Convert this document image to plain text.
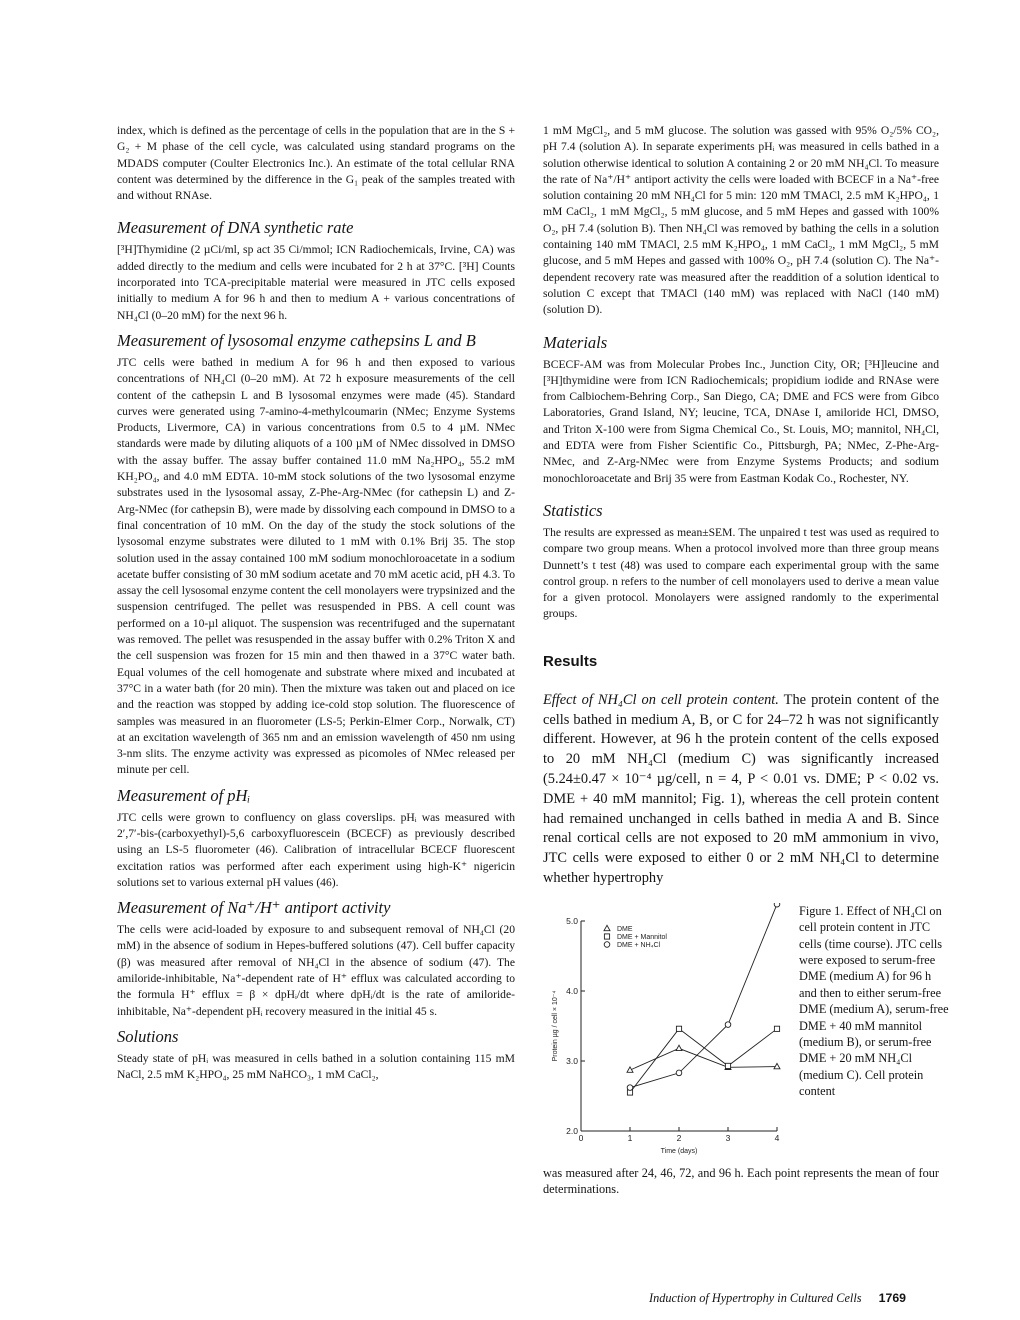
index, which is defined as the percentage of cells in the population that are in the S + G₂ + M phase of the cell cycle, was calculated using standard programs on the MDADS computer (Coulter Electronics Inc.). An estimate of the total cellular RNA content was determined by the difference in the G₁ peak of the samples treated with and without RNAse.

Measurement of DNA synthetic rate

[³H]Thymidine (2 µCi/ml, sp act 35 Ci/mmol; ICN Radiochemicals, Irvine, CA) was added directly to the medium and cells were incubated for 2 h at 37°C. [³H] Counts incorporated into TCA-precipitable material were measured in JTC cells exposed initially to medium A for 96 h and then to medium A + various concentrations of NH₄Cl (0–20 mM) for the next 96 h.

Measurement of lysosomal enzyme cathepsins L and B

JTC cells were bathed in medium A for 96 h and then exposed to various concentrations of NH₄Cl (0–20 mM). At 72 h exposure measurements of the cell content of the cathepsin L and B lysosomal enzymes were made (45). Standard curves were generated using 7-amino-4-methylcoumarin (NMec; Enzyme Systems Products, Livermore, CA) in various concentrations from 0.5 to 4 µM. NMec standards were made by diluting aliquots of a 100 µM of NMec dissolved in DMSO with the assay buffer. The assay buffer contained 11.0 mM Na₂HPO₄, 55.2 mM KH₂PO₄, and 4.0 mM EDTA. 10-mM stock solutions of the two lysosomal enzyme substrates used in the lysosomal assay, Z-Phe-Arg-NMec (for cathepsin L) and Z-Arg-NMec (for cathepsin B), were made by dissolving each compound in DMSO to a final concentration of 10 mM. On the day of the study the stock solutions of the lysosomal enzyme substrates were diluted to 1 mM with 0.1% Brij 35. The stop solution used in the assay contained 100 mM sodium monochloroacetate in a sodium acetate buffer consisting of 30 mM sodium acetate and 70 mM acetic acid, pH 4.3. To assay the cell lysosomal enzyme content the cell monolayers were trypsinized and the suspension centrifuged. The pellet was resuspended in PBS. A cell count was performed on a 10-µl aliquot. The suspension was recentrifuged and the supernatant was removed. The pellet was resuspended in the assay buffer with 0.2% Triton X and the cell suspension was frozen for 15 min and then thawed in a 37°C water bath. Equal volumes of the cell homogenate and substrate where mixed and incubated at 37°C in a water bath (for 20 min). Then the mixture was taken out and placed on ice and the reaction was stopped by adding ice-cold stop solution. The fluorescence of samples was measured in an fluorometer (LS-5; Perkin-Elmer Corp., Norwalk, CT) at an excitation wavelength of 365 nm and an emission wavelength of 450 nm using 3-nm slits. The enzyme activity was expressed as picomoles of NMec released per minute per cell.

Measurement of pHᵢ

JTC cells were grown to confluency on glass coverslips. pHᵢ was measured with 2′,7′-bis-(carboxyethyl)-5,6 carboxyfluorescein (BCECF) as previously described using an LS-5 fluorometer (46). Calibration of intracellular BCECF fluorescent excitation ratios was performed after each experiment using high-K⁺ nigericin solutions set to various external pH values (46).

Measurement of Na⁺/H⁺ antiport activity

The cells were acid-loaded by exposure to and subsequent removal of NH₄Cl (20 mM) in the absence of sodium in Hepes-buffered solutions (47). Cell buffer capacity (β) was measured after removal of NH₄Cl in the absence of sodium (47). The amiloride-inhibitable, Na⁺-dependent rate of H⁺ efflux was calculated according to the formula H⁺ efflux = β × dpHᵢ/dt where dpHᵢ/dt is the rate of amiloride-inhibitable, Na⁺-dependent pHᵢ recovery measured in the initial 45 s.

Solutions

Steady state of pHᵢ was measured in cells bathed in a solution containing 115 mM NaCl, 2.5 mM K₂HPO₄, 25 mM NaHCO₃, 1 mM CaCl₂,

1 mM MgCl₂, and 5 mM glucose. The solution was gassed with 95% O₂/5% CO₂, pH 7.4 (solution A). In separate experiments pHᵢ was measured in cells bathed in a solution otherwise identical to solution A containing 2 or 20 mM NH₄Cl. To measure the rate of Na⁺/H⁺ antiport activity the cells were loaded with BCECF in a Na⁺-free solution containing 20 mM NH₄Cl for 5 min: 120 mM TMACl, 2.5 mM K₂HPO₄, 1 mM CaCl₂, 1 mM MgCl₂, 5 mM glucose, and 5 mM Hepes and gassed with 100% O₂, pH 7.4 (solution B). Then NH₄Cl was removed by bathing the cells in a solution containing 140 mM TMACl, 2.5 mM K₂HPO₄, 1 mM CaCl₂, 1 mM MgCl₂, 5 mM glucose, and 5 mM Hepes and gassed with 100% O₂, pH 7.4 (solution C). The Na⁺-dependent recovery rate was measured after the readdition of a solution identical to solution C except that TMACl (140 mM) was replaced with NaCl (140 mM) (solution D).

Materials

BCECF-AM was from Molecular Probes Inc., Junction City, OR; [³H]leucine and [³H]thymidine were from ICN Radiochemicals; propidium iodide and RNAse were from Calbiochem-Behring Corp., San Diego, CA; DME and FCS were from Gibco Laboratories, Grand Island, NY; leucine, TCA, DNAse I, amiloride HCl, DMSO, and Triton X-100 were from Sigma Chemical Co., St. Louis, MO; mannitol, NH₄Cl, and EDTA were from Fisher Scientific Co., Pittsburgh, PA; NMec, Z-Phe-Arg-NMec, and Z-Arg-NMec were from Enzyme Systems Products; and sodium monochloroacetate and Brij 35 were from Eastman Kodak Co., Rochester, NY.

Statistics

The results are expressed as mean±SEM. The unpaired t test was used as required to compare two group means. When a protocol involved more than three group means Dunnett’s t test (48) was used to compare each experimental group with the same control group. n refers to the number of cell monolayers used to derive a mean value for a given protocol. Monolayers were assigned randomly to the experimental groups.

Results

Effect of NH₄Cl on cell protein content. The protein content of the cells bathed in medium A, B, or C for 24–72 h was not significantly different. However, at 96 h the protein content of the cells exposed to 20 mM NH₄Cl (medium C) was significantly increased (5.24±0.47 × 10⁻⁴ µg/cell, n = 4, P < 0.01 vs. DME; P < 0.02 vs. DME + 40 mM mannitol; Fig. 1), whereas the cell protein content had remained unchanged in cells bathed in media A and B. Since renal cortical cells are not exposed to 20 mM ammonium in vivo, JTC cells were exposed to either 0 or 2 mM NH₄Cl to determine whether hypertrophy

0	1	2	3	4
2.0
3.0
4.0
5.0
Time (days)
Protein µg / cell × 10⁻⁴
DME
DME + Mannitol
DME + NH₄Cl
Figure 1. Effect of NH₄Cl on cell protein content in JTC cells (time course). JTC cells were exposed to serum-free DME (medium A) for 96 h and then to either serum-free DME (medium A), serum-free DME + 40 mM mannitol (medium B), or serum-free DME + 20 mM NH₄Cl (medium C). Cell protein content

was measured after 24, 46, 72, and 96 h. Each point represents the mean of four determinations.

Induction of Hypertrophy in Cultured Cells 1769
